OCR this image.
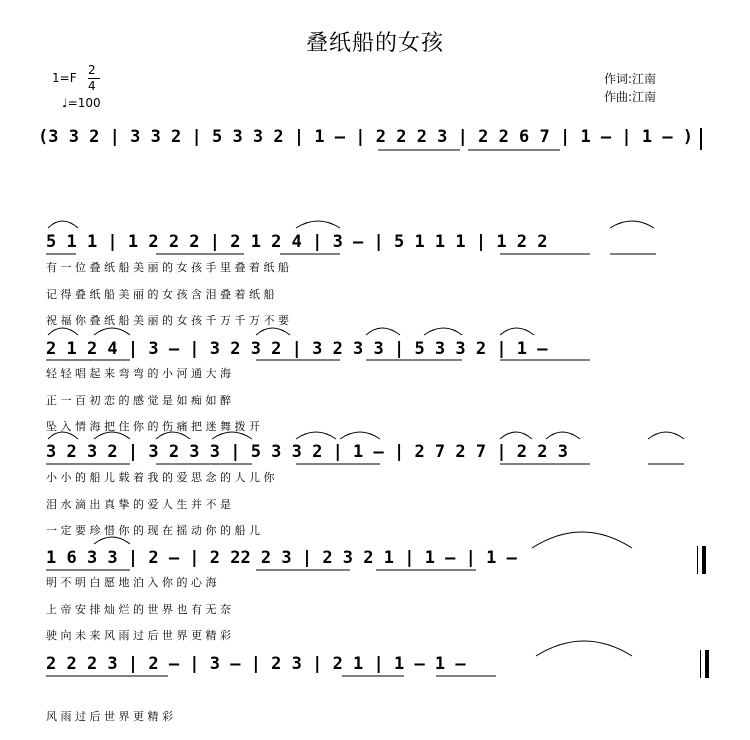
叠纸船的女孩
1=F
2
4
♩=100
作词:江南
作曲:江南
(3 3 2 | 3 3 2 | 5 3 3 2 | 1 — | 2 2 2 3 | 2 2 6 7 | 1 — | 1 — )
5 1 1 | 1 2 2 2 | 2 1 2 4 | 3 — | 5 1 1 1 | 1 2 2
有 一 位 叠 纸 船 美 丽 的 女 孩 手 里 叠 着 纸 船
记 得 叠 纸 船 美 丽 的 女 孩 含 泪 叠 着 纸 船
祝 福 你 叠 纸 船 美 丽 的 女 孩 千 万 千 万 不 要
2 1 2 4 | 3 — | 3 2 3 2 | 3 2 3 3 | 5 3 3 2 | 1 —
轻 轻 唱 起 来 弯 弯 的 小 河 通 大 海
正 一 百 初 恋 的 感 觉 是 如 痴 如 醉
坠 入 情 海 把 住 你 的 伤 痛 把 迷 舞 拨 开
3 2 3 2 | 3 2 3 3 | 5 3 3 2 | 1 — | 2 7 2 7 | 2 2 3
小 小 的 船 儿 载 着 我 的 爱 思 念 的 人 儿 你
泪 水 滴 出 真 挚 的 爱 人 生 并 不 是
一 定 要 珍 惜 你 的 现 在 摇 动 你 的 船 儿
1 6 3 3 | 2 — | 2 22 2 3 | 2 3 2 1 | 1 — | 1 —
明 不 明 白 愿 地 泊 入 你 的 心 海
上 帝 安 排 灿 烂 的 世 界 也 有 无 奈
驶 向 未 来 风 雨 过 后 世 界 更 精 彩
2 2 2 3 | 2 — | 3 — | 2 3 | 2 1 | 1 — 1 —
风 雨 过 后 世 界 更 精 彩
